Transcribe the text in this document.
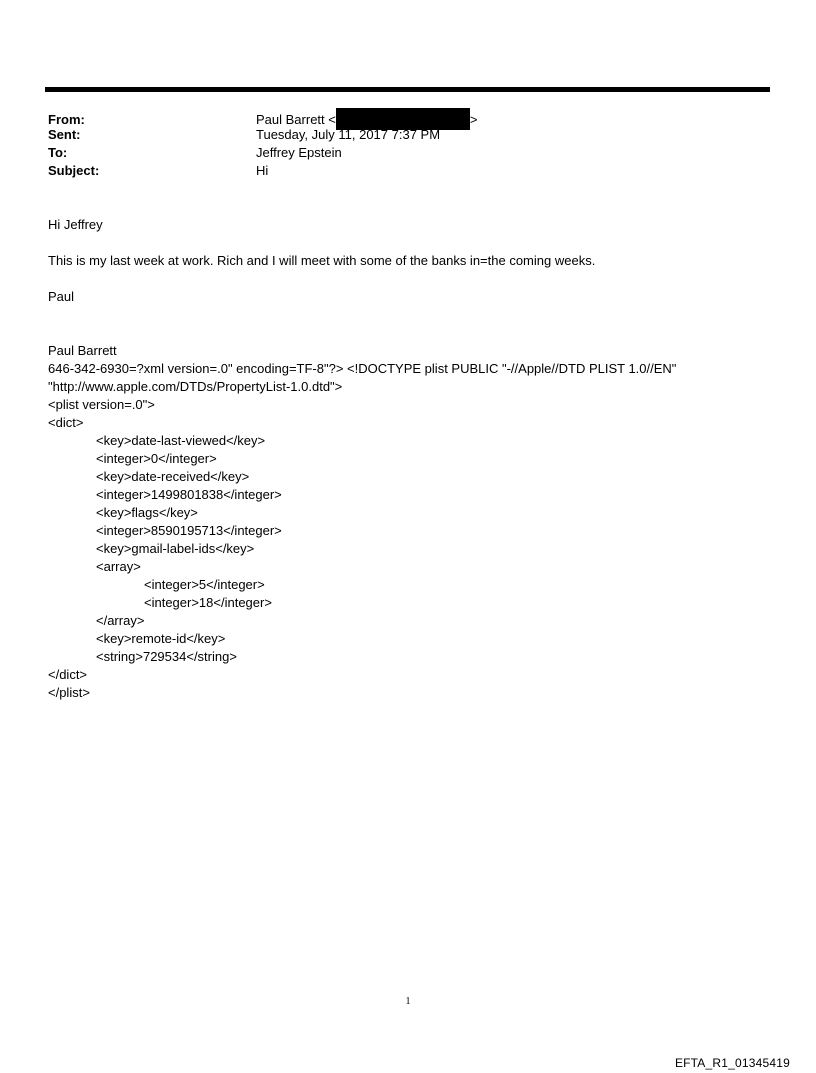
From:	Paul Barrett <	>
Sent:	Tuesday, July 11, 2017 7:37 PM
To:	Jeffrey Epstein
Subject:	Hi

Hi Jeffrey

This is my last week at work. Rich and I will meet with some of the banks in=the coming weeks.

Paul

Paul Barrett

646-342-6930=?xml version=.0" encoding=TF-8"?> <!DOCTYPE plist PUBLIC "-//Apple//DTD PLIST 1.0//EN"

"http://www.apple.com/DTDs/PropertyList-1.0.dtd">

<plist version=.0">

<dict>

<key>date-last-viewed</key>

<integer>0</integer>

<key>date-received</key>

<integer>1499801838</integer>

<key>flags</key>

<integer>8590195713</integer>

<key>gmail-label-ids</key>

<array>

<integer>5</integer>

<integer>18</integer>

</array>

<key>remote-id</key>

<string>729534</string>

</dict>

</plist>

1
EFTA_R1_01345419
